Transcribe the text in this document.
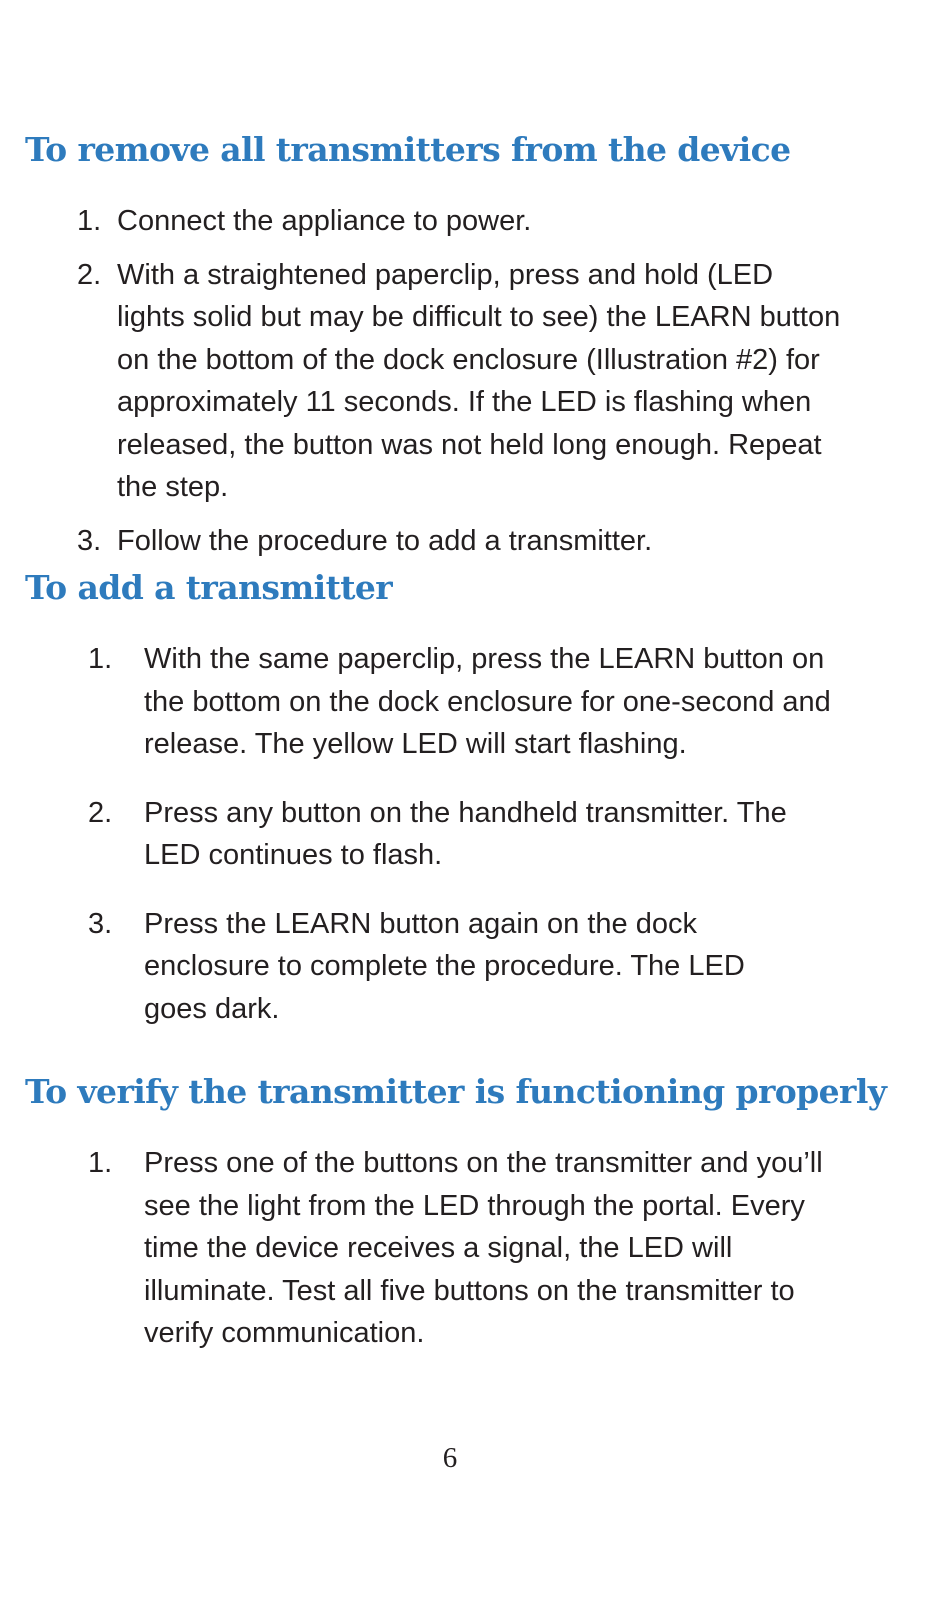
To remove all transmitters from the device
1. Connect the appliance to power.
2. With a straightened paperclip, press and hold (LED lights solid but may be difficult to see) the LEARN button on the bottom of the dock enclosure (Illustration #2) for approximately 11 seconds. If the LED is flashing when released, the button was not held long enough. Repeat the step.
3. Follow the procedure to add a transmitter.
To add a transmitter
1. With the same paperclip, press the LEARN button on the bottom on the dock enclosure for one-second and release. The yellow LED will start flashing.
2. Press any button on the handheld transmitter. The LED continues to flash.
3. Press the LEARN button again on the dock enclosure to complete the procedure. The LED goes dark.
To verify the transmitter is functioning properly
1. Press one of the buttons on the transmitter and you’ll see the light from the LED through the portal. Every time the device receives a signal, the LED will illuminate. Test all five buttons on the transmitter to verify communication.
6
